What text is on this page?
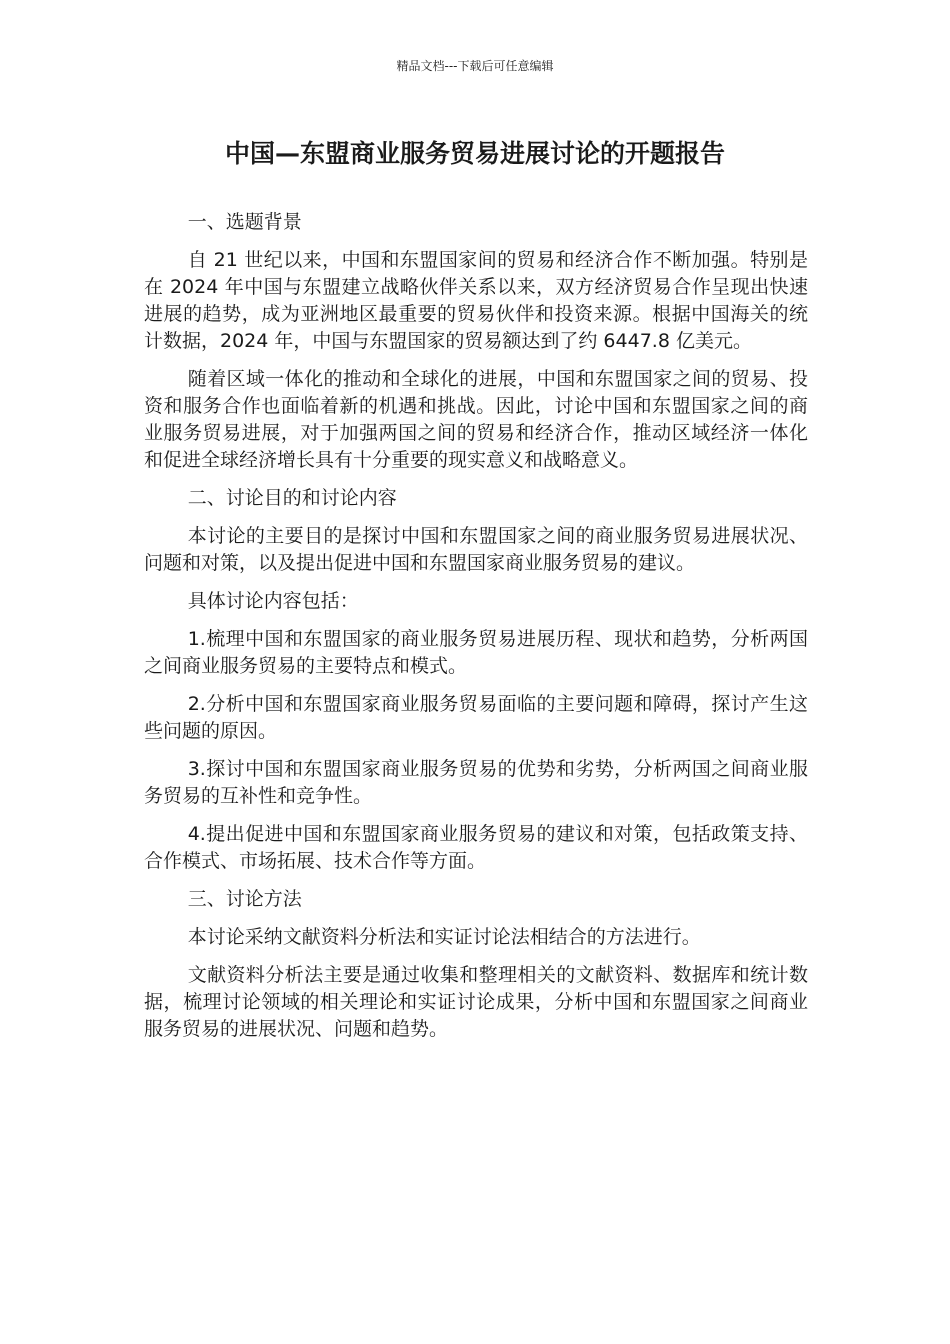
精品文档---下载后可任意编辑
中国—东盟商业服务贸易进展讨论的开题报告

一、选题背景

自 21 世纪以来，中国和东盟国家间的贸易和经济合作不断加强。特别是在 2024 年中国与东盟建立战略伙伴关系以来，双方经济贸易合作呈现出快速进展的趋势，成为亚洲地区最重要的贸易伙伴和投资来源。根据中国海关的统计数据，2024 年，中国与东盟国家的贸易额达到了约 6447.8 亿美元。

随着区域一体化的推动和全球化的进展，中国和东盟国家之间的贸易、投资和服务合作也面临着新的机遇和挑战。因此，讨论中国和东盟国家之间的商业服务贸易进展，对于加强两国之间的贸易和经济合作，推动区域经济一体化和促进全球经济增长具有十分重要的现实意义和战略意义。

二、讨论目的和讨论内容

本讨论的主要目的是探讨中国和东盟国家之间的商业服务贸易进展状况、问题和对策，以及提出促进中国和东盟国家商业服务贸易的建议。

具体讨论内容包括：

1.梳理中国和东盟国家的商业服务贸易进展历程、现状和趋势，分析两国之间商业服务贸易的主要特点和模式。

2.分析中国和东盟国家商业服务贸易面临的主要问题和障碍，探讨产生这些问题的原因。

3.探讨中国和东盟国家商业服务贸易的优势和劣势，分析两国之间商业服务贸易的互补性和竞争性。

4.提出促进中国和东盟国家商业服务贸易的建议和对策，包括政策支持、合作模式、市场拓展、技术合作等方面。

三、讨论方法

本讨论采纳文献资料分析法和实证讨论法相结合的方法进行。

文献资料分析法主要是通过收集和整理相关的文献资料、数据库和统计数据，梳理讨论领域的相关理论和实证讨论成果，分析中国和东盟国家之间商业服务贸易的进展状况、问题和趋势。
